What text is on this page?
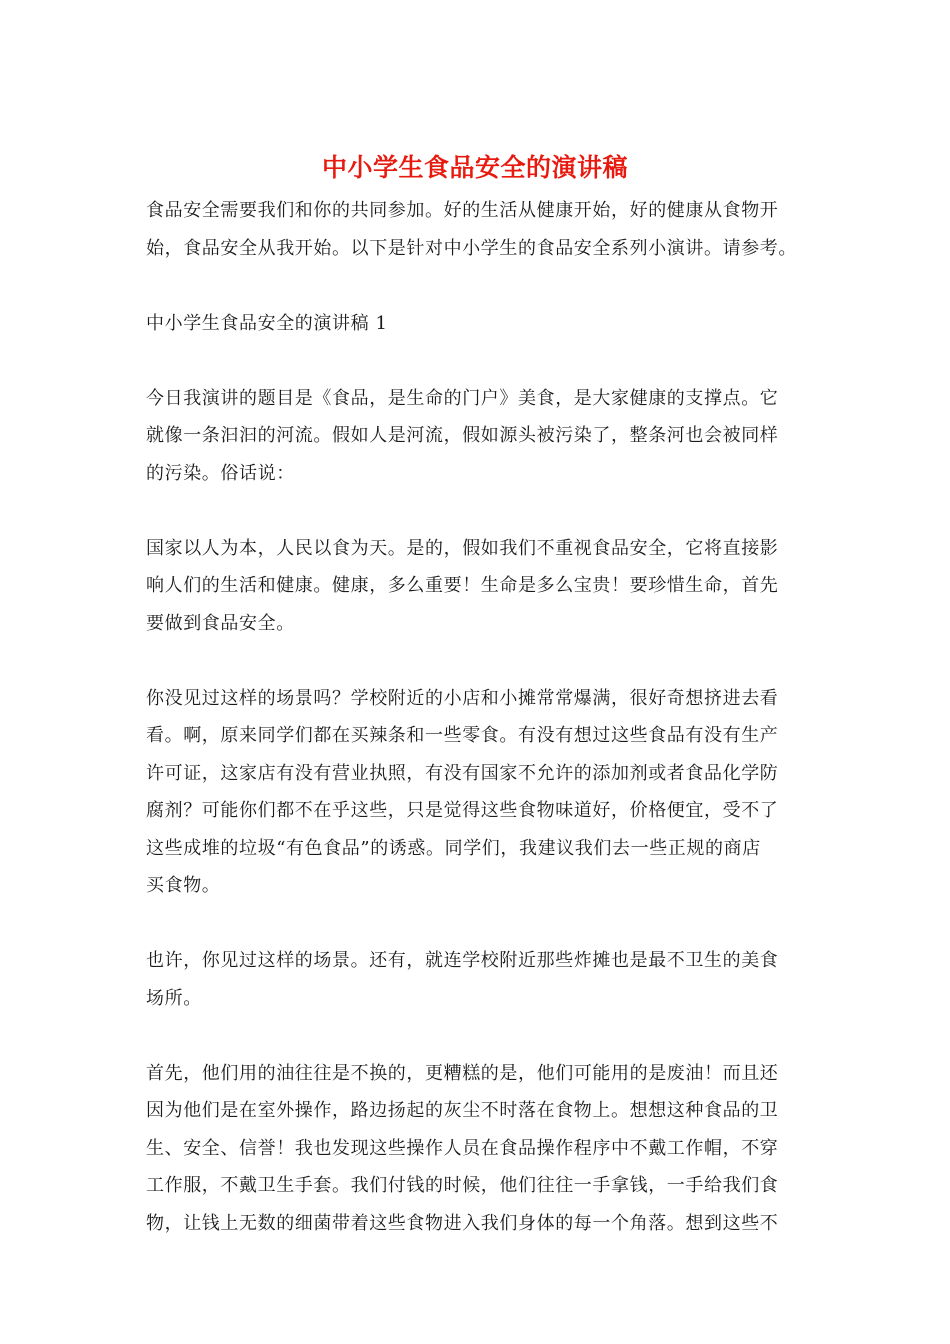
中小学生食品安全的演讲稿

食品安全需要我们和你的共同参加。好的生活从健康开始，好的健康从食物开
始，食品安全从我开始。以下是针对中小学生的食品安全系列小演讲。请参考。

中小学生食品安全的演讲稿 1

今日我演讲的题目是《食品，是生命的门户》美食，是大家健康的支撑点。它
就像一条汩汩的河流。假如人是河流，假如源头被污染了，整条河也会被同样
的污染。俗话说：

国家以人为本，人民以食为天。是的，假如我们不重视食品安全，它将直接影
响人们的生活和健康。健康，多么重要！生命是多么宝贵！要珍惜生命，首先
要做到食品安全。

你没见过这样的场景吗？学校附近的小店和小摊常常爆满，很好奇想挤进去看
看。啊，原来同学们都在买辣条和一些零食。有没有想过这些食品有没有生产
许可证，这家店有没有营业执照，有没有国家不允许的添加剂或者食品化学防
腐剂？可能你们都不在乎这些，只是觉得这些食物味道好，价格便宜，受不了
这些成堆的垃圾“有色食品”的诱惑。同学们，我建议我们去一些正规的商店
买食物。

也许，你见过这样的场景。还有，就连学校附近那些炸摊也是最不卫生的美食
场所。

首先，他们用的油往往是不换的，更糟糕的是，他们可能用的是废油！而且还
因为他们是在室外操作，路边扬起的灰尘不时落在食物上。想想这种食品的卫
生、安全、信誉！我也发现这些操作人员在食品操作程序中不戴工作帽，不穿
工作服，不戴卫生手套。我们付钱的时候，他们往往一手拿钱，一手给我们食
物，让钱上无数的细菌带着这些食物进入我们身体的每一个角落。想到这些不
